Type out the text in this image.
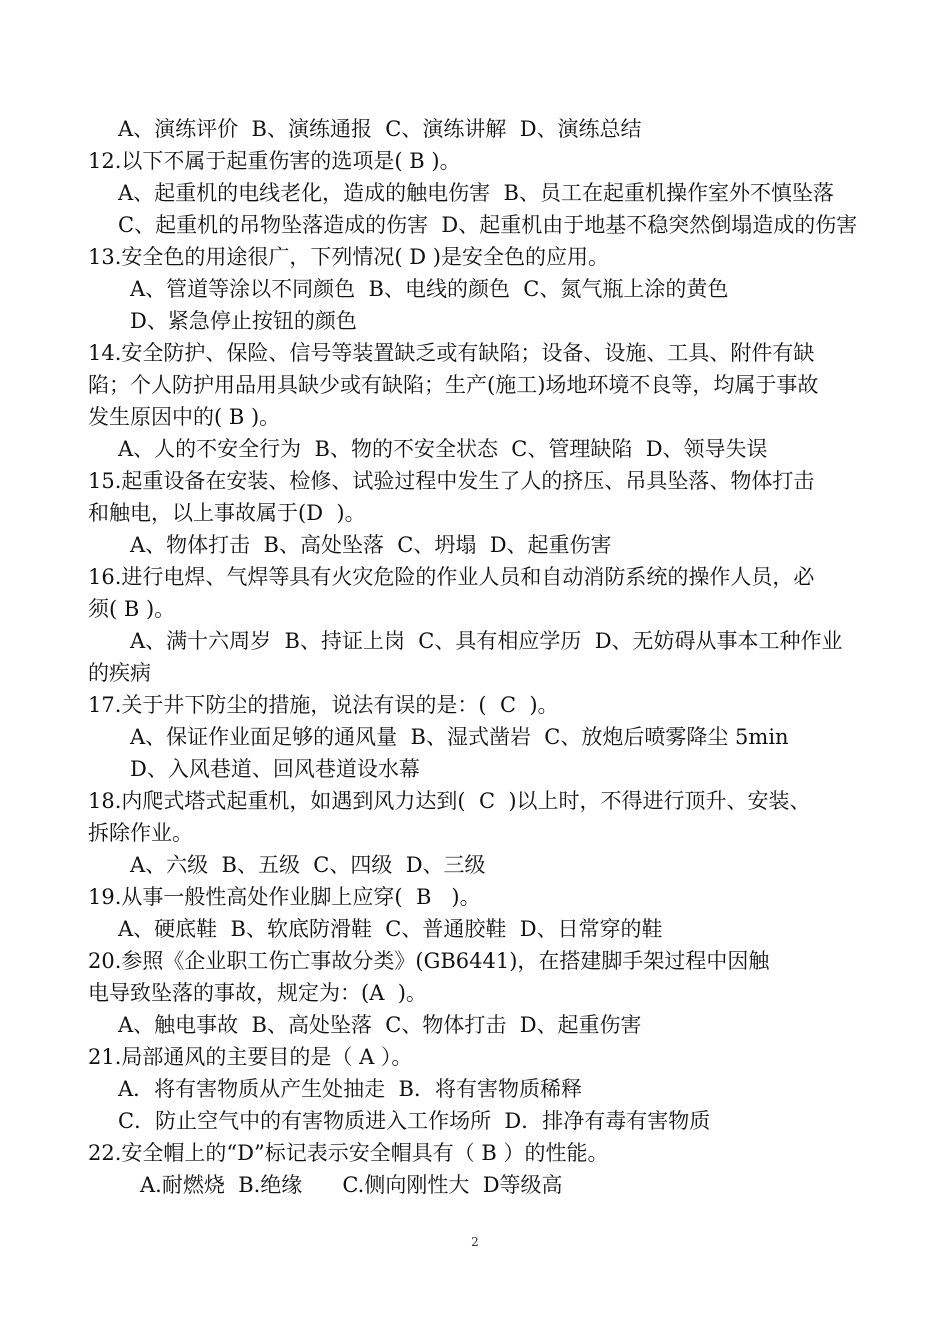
A、演练评价  B、演练通报  C、演练讲解  D、演练总结
12.以下不属于起重伤害的选项是( B )。
A、起重机的电线老化，造成的触电伤害  B、员工在起重机操作室外不慎坠落
C、起重机的吊物坠落造成的伤害  D、起重机由于地基不稳突然倒塌造成的伤害
13.安全色的用途很广，下列情况( D )是安全色的应用。
A、管道等涂以不同颜色  B、电线的颜色  C、氮气瓶上涂的黄色
D、紧急停止按钮的颜色
14.安全防护、保险、信号等装置缺乏或有缺陷；设备、设施、工具、附件有缺
陷；个人防护用品用具缺少或有缺陷；生产(施工)场地环境不良等，均属于事故
发生原因中的( B )。
A、人的不安全行为  B、物的不安全状态  C、管理缺陷  D、领导失误
15.起重设备在安装、检修、试验过程中发生了人的挤压、吊具坠落、物体打击
和触电，以上事故属于(D  )。
A、物体打击  B、高处坠落  C、坍塌  D、起重伤害
16.进行电焊、气焊等具有火灾危险的作业人员和自动消防系统的操作人员，必
须( B )。
A、满十六周岁  B、持证上岗  C、具有相应学历  D、无妨碍从事本工种作业
的疾病
17.关于井下防尘的措施，说法有误的是：(  C  )。
A、保证作业面足够的通风量  B、湿式凿岩  C、放炮后喷雾降尘 5min
D、入风巷道、回风巷道设水幕
18.内爬式塔式起重机，如遇到风力达到(  C  )以上时，不得进行顶升、安装、
拆除作业。
A、六级  B、五级  C、四级  D、三级
19.从事一般性高处作业脚上应穿(  B   )。
A、硬底鞋  B、软底防滑鞋  C、普通胶鞋  D、日常穿的鞋
20.参照《企业职工伤亡事故分类》(GB6441)，在搭建脚手架过程中因触
电导致坠落的事故，规定为：(A  )。
A、触电事故  B、高处坠落  C、物体打击  D、起重伤害
21.局部通风的主要目的是（ A ）。
A．将有害物质从产生处抽走  B．将有害物质稀释
C．防止空气中的有害物质进入工作场所  D．排净有毒有害物质
22.安全帽上的“D”标记表示安全帽具有（ B ）的性能。
A.耐燃烧  B.绝缘      C.侧向刚性大  D等级高
2
